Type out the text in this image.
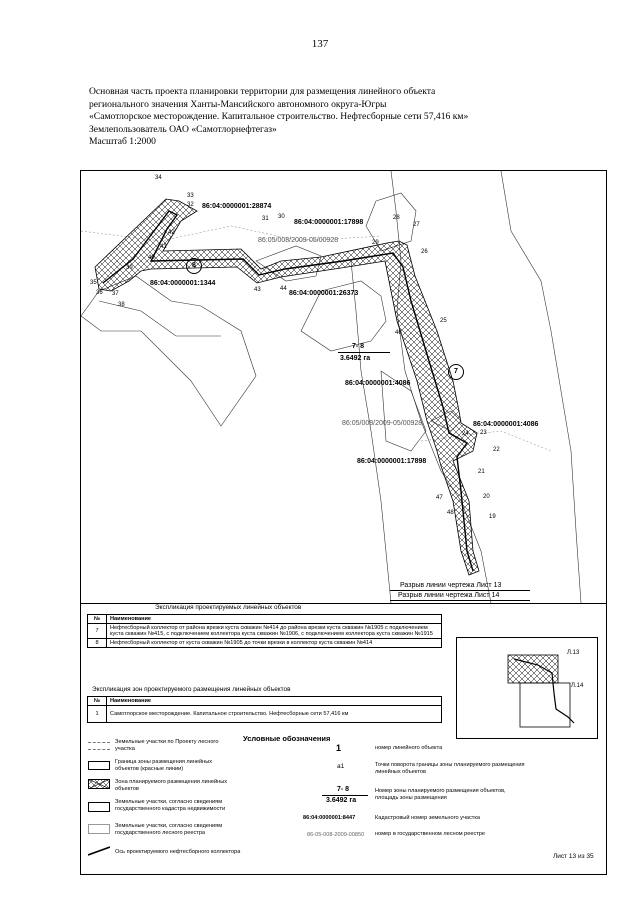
137
Основная часть проекта планировки территории для размещения линейного объекта
регионального значения Ханты-Мансийского автономного округа-Югры
«Самотлорское месторождение. Капитальное строительство. Нефтесборные сети 57,416 км»
Землепользователь ОАО «Самотлорнефтегаз»
Масштаб 1:2000
34
33
32
31 30
42
41
40
39
38
37
36
35
43	44
29
28
27
26
25
46
24 23
22
21
20
47
48
19
86:04:0000001:28874
86:04:0000001:17898
86:05/008/2009-05/00928
86:04:0000001:1344
86:04:0000001:26373
86:04:0000001:4086
86:05/008/2009-05/00928	86:04:0000001:4086
86:04:0000001:17898
7- 8
3.6492 га
8
7
Разрыв линии чертежа Лист 13
Разрыв линии чертежа Лист 14
Экспликация проектируемых линейных объектов
№	Наименование
7	Нефтесборный коллектор от района врезки куста скважин №414 до района врезки куста скважин №1905 с подключением куста скважин №415, с подключением коллектора куста скважин №1906, с подключением коллектора куста скважин №1915
8	Нефтесборный коллектор от куста скважин №1905 до точки врезки в коллектор куста скважин №414
Экспликация зон проектируемого размещения линейных объектов
№	Наименование
1	Самотлорское месторождение. Капитальное строительство. Нефтесборные сети 57,416 км
Л.13
Л.14
Условные обозначения
Земельные участки по Проекту лесного участка
Граница зоны размещения линейных объектов (красные линии)
Зона планируемого размещения линейных объектов
Земельные участки, согласно сведениям государственного кадастра недвижимости
Земельные участки, согласно сведениям государственного лесного реестра
Ось проектируемого нефтесборного коллектора
1	номер линейного объекта
a1	Точки поворота границы зоны планируемого размещения линейных объектов
7- 8
3.6492 га
Номер зоны планируемого размещения объектов, площадь зоны размещения
86:04:0000001:8447	Кадастровый номер земельного участка
86-05-008-2009-00850 номер в государственном лесном реестре
Лист 13 из 35
